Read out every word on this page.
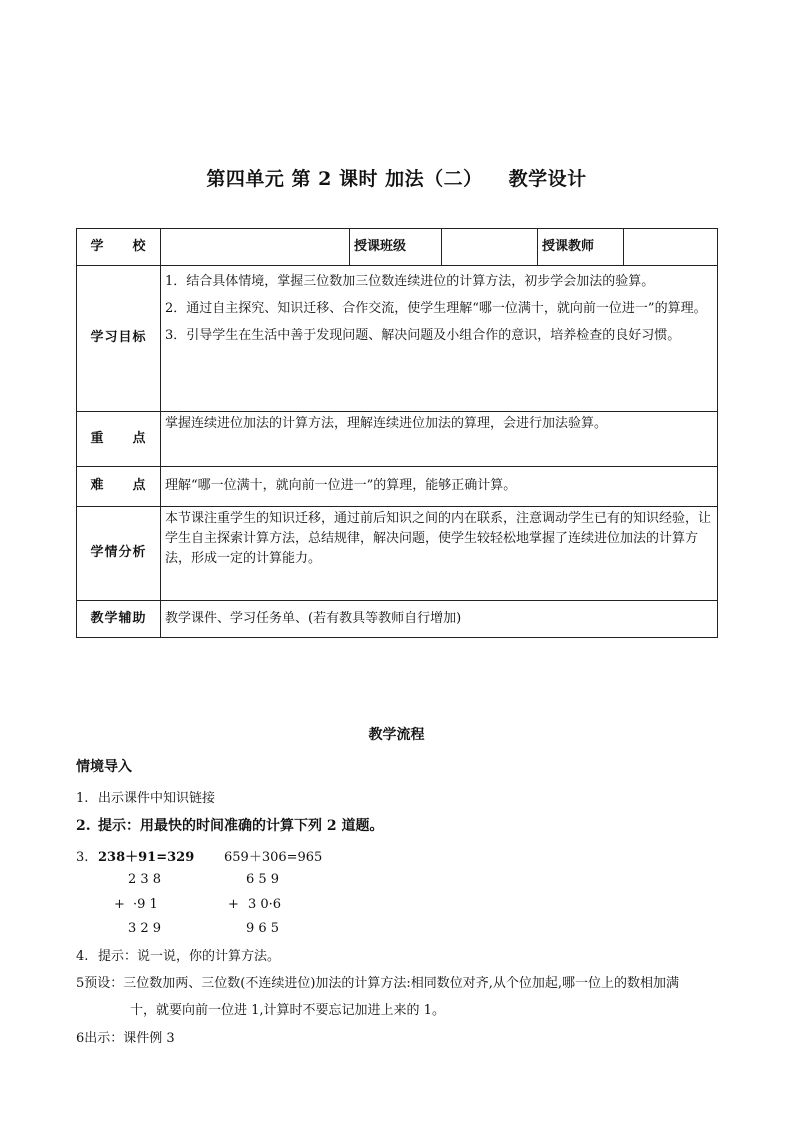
第四单元 第 2 课时 加法（二） 教学设计
学　　校		授课班级		授课教师	
学习目标	1．结合具体情境，掌握三位数加三位数连续进位的计算方法，初步学会加法的验算。

2．通过自主探究、知识迁移、合作交流，使学生理解“哪一位满十，就向前一位进一”的算理。

3．引导学生在生活中善于发现问题、解决问题及小组合作的意识，培养检查的良好习惯。				

重　　点	掌握连续进位加法的计算方法，理解连续进位加法的算理，会进行加法验算。				
难　　点	理解“哪一位满十，就向前一位进一”的算理，能够正确计算。				
学情分析	本节课注重学生的知识迁移，通过前后知识之间的内在联系，注意调动学生已有的知识经验，让学生自主探索计算方法，总结规律，解决问题，使学生较轻松地掌握了连续进位加法的计算方法，形成一定的计算能力。				
教学辅助	教学课件、学习任务单、(若有教具等教师自行增加)				
教学流程
情境导入
1. 出示课件中知识链接
2. 提示：用最快的时间准确的计算下列 2 道题。
3. 238＋91=329 659＋306=965
2 3 8
+ ·9 1
3 2 9
6 5 9
+ 3 0·6
9 6 5
4. 提示：说一说，你的计算方法。
5预设：三位数加两、三位数(不连续进位)加法的计算方法:相同数位对齐,从个位加起,哪一位上的数相加满
十，就要向前一位进 1,计算时不要忘记加进上来的 1。
6出示：课件例 3
